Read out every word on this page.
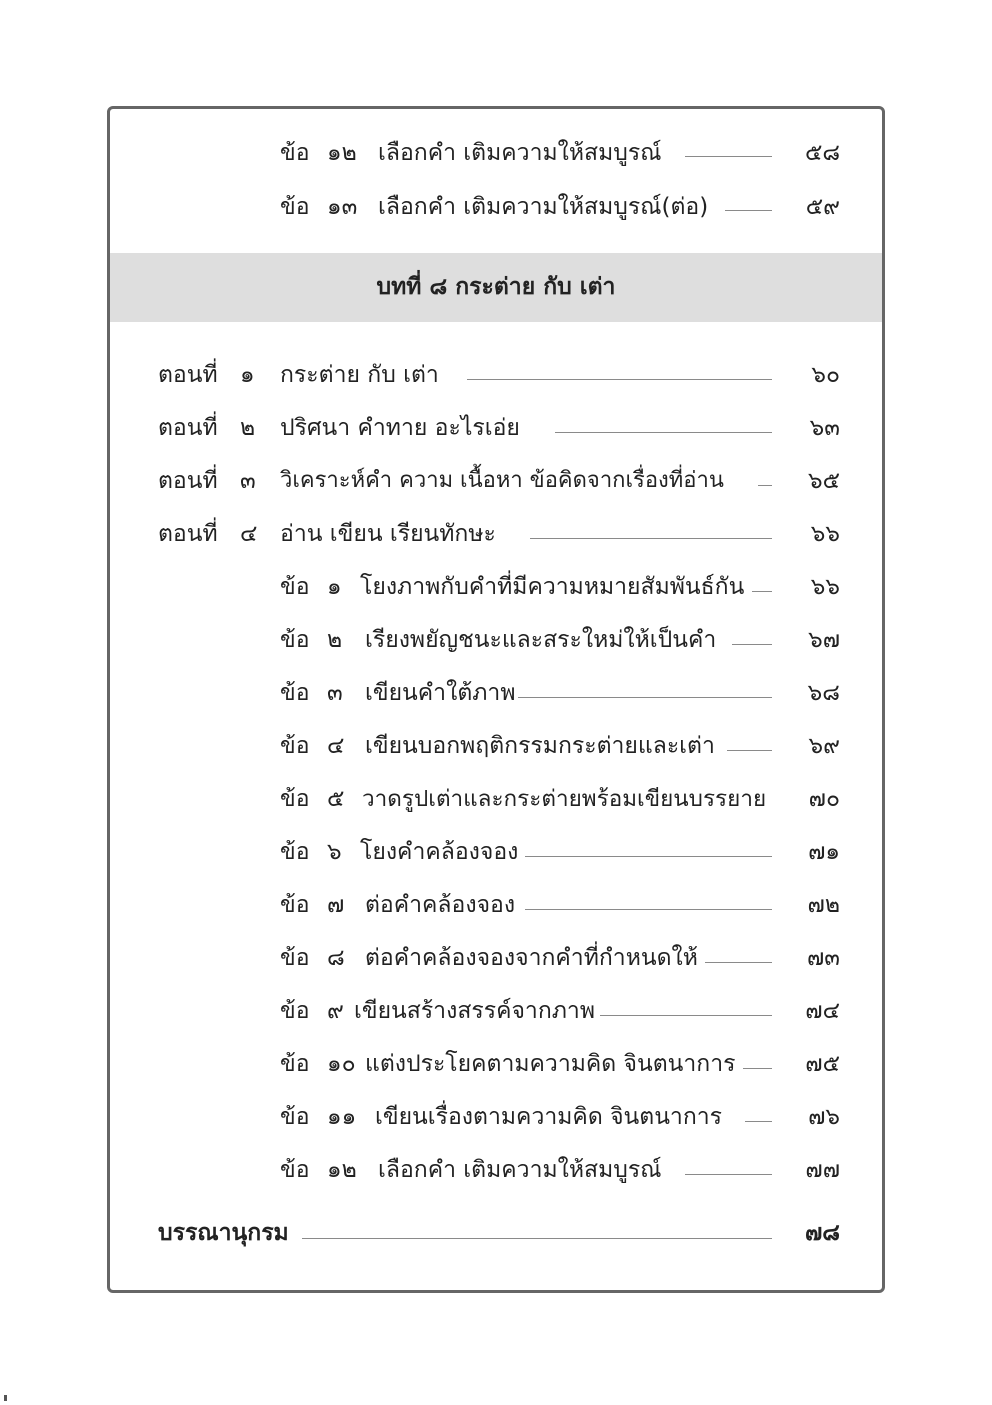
ข้อ ๑๒ เลือกคำ เติมความให้สมบูรณ์	๕๘
ข้อ ๑๓ เลือกคำ เติมความให้สมบูรณ์(ต่อ)	๕๙
บทที่ ๘ กระต่าย กับ เต่า
ตอนที่ ๑ กระต่าย กับ เต่า	๖๐
ตอนที่ ๒ ปริศนา คำทาย อะไรเอ่ย	๖๓
ตอนที่ ๓ วิเคราะห์คำ ความ เนื้อหา ข้อคิดจากเรื่องที่อ่าน	๖๕
ตอนที่ ๔ อ่าน เขียน เรียนทักษะ	๖๖
ข้อ ๑ โยงภาพกับคำที่มีความหมายสัมพันธ์กัน	๖๖
ข้อ ๒ เรียงพยัญชนะและสระใหม่ให้เป็นคำ	๖๗
ข้อ ๓ เขียนคำใต้ภาพ	๖๘
ข้อ ๔ เขียนบอกพฤติกรรมกระต่ายและเต่า	๖๙
ข้อ ๕ วาดรูปเต่าและกระต่ายพร้อมเขียนบรรยาย ๗๐
ข้อ ๖ โยงคำคล้องจอง	๗๑
ข้อ ๗ ต่อคำคล้องจอง	๗๒
ข้อ ๘ ต่อคำคล้องจองจากคำที่กำหนดให้	๗๓
ข้อ ๙ เขียนสร้างสรรค์จากภาพ	๗๔
ข้อ ๑๐ แต่งประโยคตามความคิด จินตนาการ	๗๕
ข้อ ๑๑ เขียนเรื่องตามความคิด จินตนาการ	๗๖
ข้อ ๑๒ เลือกคำ เติมความให้สมบูรณ์	๗๗
บรรณานุกรม	๗๘
